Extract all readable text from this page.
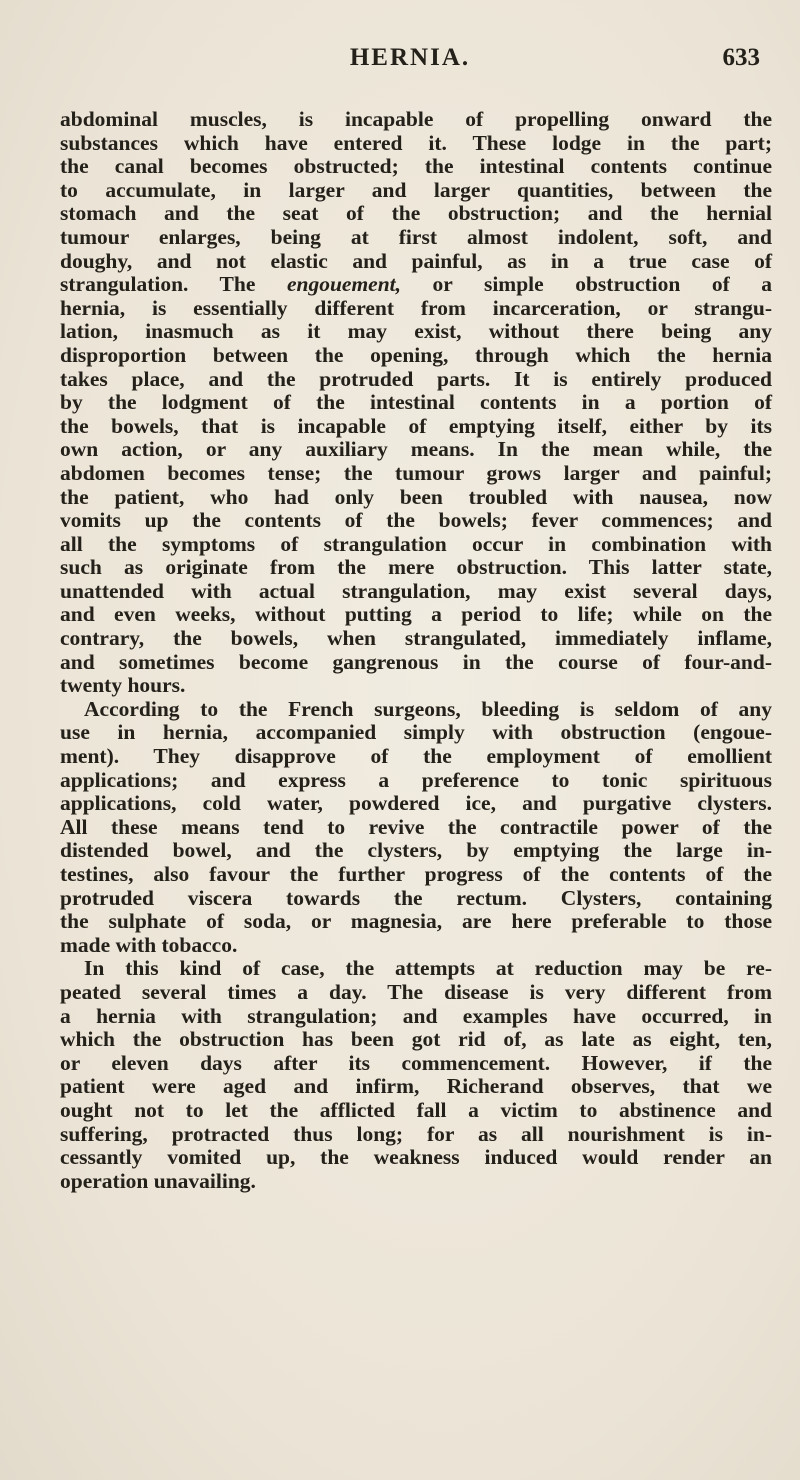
HERNIA.	633
abdominal muscles, is incapable of propelling onward the
substances which have entered it. These lodge in the part;
the canal becomes obstructed; the intestinal contents continue
to accumulate, in larger and larger quantities, between the
stomach and the seat of the obstruction; and the hernial
tumour enlarges, being at first almost indolent, soft, and
doughy, and not elastic and painful, as in a true case of
strangulation. The engouement, or simple obstruction of a
hernia, is essentially different from incarceration, or strangu-
lation, inasmuch as it may exist, without there being any
disproportion between the opening, through which the hernia
takes place, and the protruded parts. It is entirely produced
by the lodgment of the intestinal contents in a portion of
the bowels, that is incapable of emptying itself, either by its
own action, or any auxiliary means. In the mean while, the
abdomen becomes tense; the tumour grows larger and painful;
the patient, who had only been troubled with nausea, now
vomits up the contents of the bowels; fever commences; and
all the symptoms of strangulation occur in combination with
such as originate from the mere obstruction. This latter state,
unattended with actual strangulation, may exist several days,
and even weeks, without putting a period to life; while on the
contrary, the bowels, when strangulated, immediately inflame,
and sometimes become gangrenous in the course of four-and-
twenty hours.
According to the French surgeons, bleeding is seldom of any
use in hernia, accompanied simply with obstruction (engoue-
ment). They disapprove of the employment of emollient
applications; and express a preference to tonic spirituous
applications, cold water, powdered ice, and purgative clysters.
All these means tend to revive the contractile power of the
distended bowel, and the clysters, by emptying the large in-
testines, also favour the further progress of the contents of the
protruded viscera towards the rectum. Clysters, containing
the sulphate of soda, or magnesia, are here preferable to those
made with tobacco.
In this kind of case, the attempts at reduction may be re-
peated several times a day. The disease is very different from
a hernia with strangulation; and examples have occurred, in
which the obstruction has been got rid of, as late as eight, ten,
or eleven days after its commencement. However, if the
patient were aged and infirm, Richerand observes, that we
ought not to let the afflicted fall a victim to abstinence and
suffering, protracted thus long; for as all nourishment is in-
cessantly vomited up, the weakness induced would render an
operation unavailing.
